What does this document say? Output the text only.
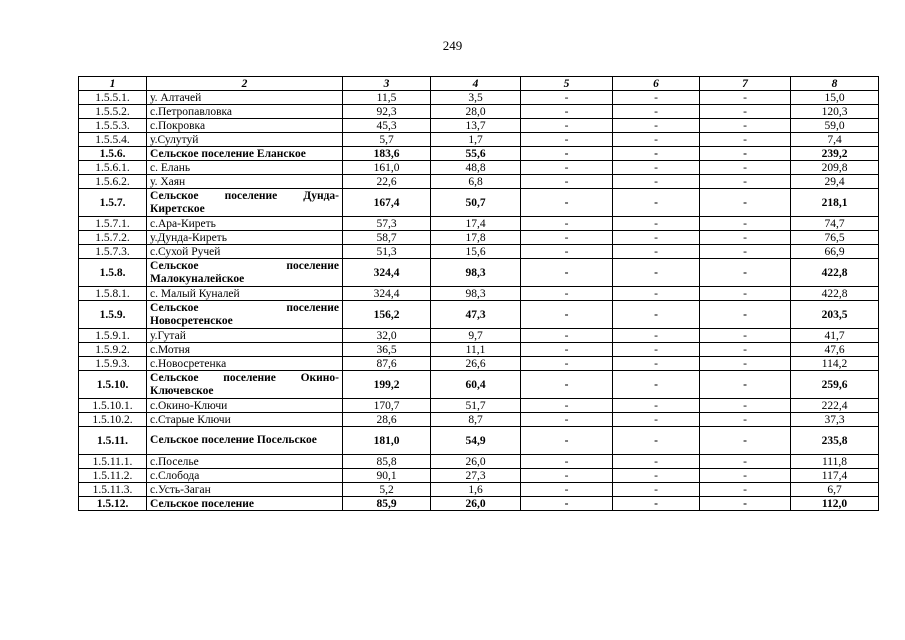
249
1	2	3	4	5	6	7	8
1.5.5.1.	у. Алтачей	11,5	3,5	-	-	-	15,0
1.5.5.2.	с.Петропавловка	92,3	28,0	-	-	-	120,3
1.5.5.3.	с.Покровка	45,3	13,7	-	-	-	59,0
1.5.5.4.	у.Сулутуй	5,7	1,7	-	-	-	7,4
1.5.6.	Сельское поселение Еланское	183,6	55,6	-	-	-	239,2
1.5.6.1.	с. Елань	161,0	48,8	-	-	-	209,8
1.5.6.2.	у. Хаян	22,6	6,8	-	-	-	29,4
1.5.7.	Сельское поселение Дунда-Киретское	167,4	50,7	-	-	-	218,1
1.5.7.1.	с.Ара-Киреть	57,3	17,4	-	-	-	74,7
1.5.7.2.	у.Дунда-Киреть	58,7	17,8	-	-	-	76,5
1.5.7.3.	с.Сухой Ручей	51,3	15,6	-	-	-	66,9
1.5.8.	Сельское поселение Малокуналейское	324,4	98,3	-	-	-	422,8
1.5.8.1.	с. Малый Куналей	324,4	98,3	-	-	-	422,8
1.5.9.	Сельское поселение Новосретенское	156,2	47,3	-	-	-	203,5
1.5.9.1.	у.Гутай	32,0	9,7	-	-	-	41,7
1.5.9.2.	с.Мотня	36,5	11,1	-	-	-	47,6
1.5.9.3.	с.Новосретенка	87,6	26,6	-	-	-	114,2
1.5.10.	Сельское поселение Окино-Ключевское	199,2	60,4	-	-	-	259,6
1.5.10.1.	с.Окино-Ключи	170,7	51,7	-	-	-	222,4
1.5.10.2.	с.Старые Ключи	28,6	8,7	-	-	-	37,3
1.5.11.	Сельское поселение Посельское	181,0	54,9	-	-	-	235,8
1.5.11.1.	с.Поселье	85,8	26,0	-	-	-	111,8
1.5.11.2.	с.Слобода	90,1	27,3	-	-	-	117,4
1.5.11.3.	с.Усть-Заган	5,2	1,6	-	-	-	6,7
1.5.12.	Сельское поселение	85,9	26,0	-	-	-	112,0
